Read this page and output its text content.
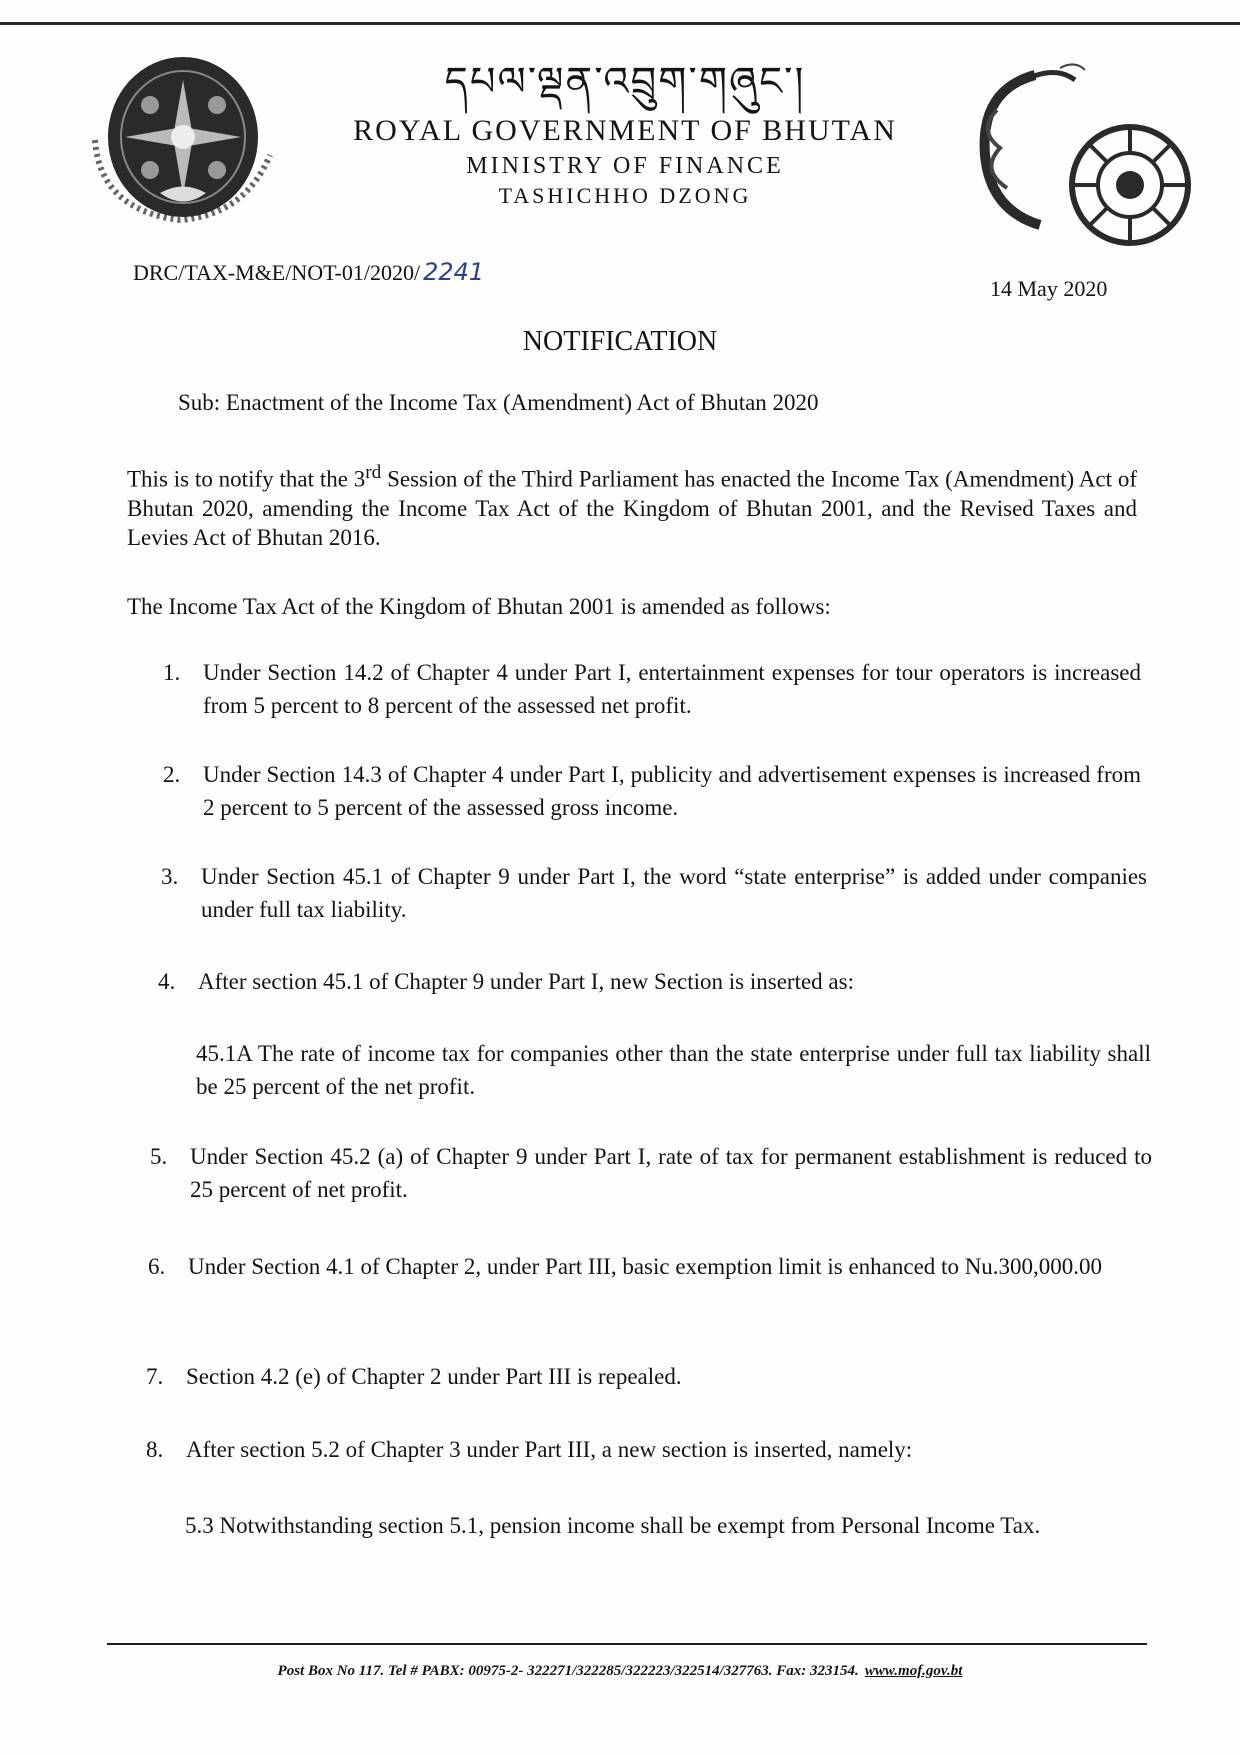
དཔལ་ལྡན་འབྲུག་གཞུང་།
ROYAL GOVERNMENT OF BHUTAN
MINISTRY OF FINANCE
TASHICHHO DZONG
DRC/TAX-M&E/NOT-01/2020/ 2241
14 May 2020
NOTIFICATION
Sub: Enactment of the Income Tax (Amendment) Act of Bhutan 2020
This is to notify that the 3rd Session of the Third Parliament has enacted the Income Tax (Amendment) Act of Bhutan 2020, amending the Income Tax Act of the Kingdom of Bhutan 2001, and the Revised Taxes and Levies Act of Bhutan 2016.
The Income Tax Act of the Kingdom of Bhutan 2001 is amended as follows:
1. Under Section 14.2 of Chapter 4 under Part I, entertainment expenses for tour operators is increased from 5 percent to 8 percent of the assessed net profit.
2. Under Section 14.3 of Chapter 4 under Part I, publicity and advertisement expenses is increased from 2 percent to 5 percent of the assessed gross income.
3. Under Section 45.1 of Chapter 9 under Part I, the word “state enterprise” is added under companies under full tax liability.
4. After section 45.1 of Chapter 9 under Part I, new Section is inserted as:
45.1A The rate of income tax for companies other than the state enterprise under full tax liability shall be 25 percent of the net profit.
5. Under Section 45.2 (a) of Chapter 9 under Part I, rate of tax for permanent establishment is reduced to 25 percent of net profit.
6. Under Section 4.1 of Chapter 2, under Part III, basic exemption limit is enhanced to Nu.300,000.00
7. Section 4.2 (e) of Chapter 2 under Part III is repealed.
8. After section 5.2 of Chapter 3 under Part III, a new section is inserted, namely:
5.3 Notwithstanding section 5.1, pension income shall be exempt from Personal Income Tax.
Post Box No 117. Tel # PABX: 00975-2- 322271/322285/322223/322514/327763. Fax: 323154. www.mof.gov.bt
